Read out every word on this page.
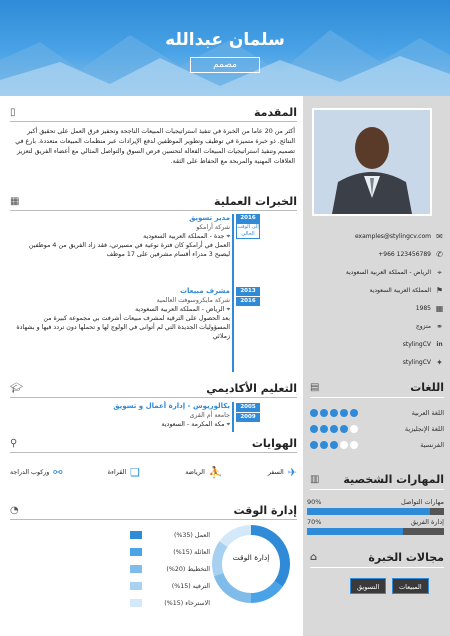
سلمان عبدالله
مصمم
examples@stylingcv.com ✉
+966 123456789 ✆
الرياض - المملكة العربية السعودية ⌖
المملكة العربية السعودية ⚑
1985 ▦
متزوج ⚭
stylingCV in
stylingCV ✦
اللغات
▤
اللغة العربية
اللغة الإنجليزية
الفرنسية
المهارات الشخصية
▥
مهارات التواصل
90%
إدارة الفريق
70%
مجالات الخبرة
⌂
المبيعات
التسويق
المقدمة
▯
أكثر من 20 عاما من الخبرة في تنفيذ استراتيجيات المبيعات الناجحة وتحفيز فرق العمل على تحقيق أكبر النتائج. ذو خبرة متميزة في توظيف وتطوير الموظفين لدفع الإيرادات عبر منظمات المبيعات متعددة. بارع في تصميم وتنفيذ استراتيجيات المبيعات الفعالة لتحسين فرص السوق والتواصل المثالي مع أعضاء الفريق لتعزيز العلاقات المهنية والمربحة مع الحفاظ على الثقة.
الخبرات العملية
▦
2016
إلى الوقت الحالي
مدير تسويق
شركة أرامكو
⌖ جدة - المملكة العربية السعودية
العمل في أرامكو كان فترة نوعية في مسيرتي، فقد زاد الفريق من 4 موظفين ليصبح 3 مدراء أقسام مشرفين على 17 موظف
2013
2016
مشرف مبيعات
شركة مايكروسوفت العالمية
⌖ الرياض - المملكة العربية السعودية
بعد الحصول على الترقية لمشرف مبيعات أشرفت بي مجموعة كبيرة من المسؤوليات الجديدة التي لم أتوانى في الولوج لها و تحملها دون تردد فيها و بشهادة زملائي
التعليم الأكاديمي
🎓︎
2005
2009
بكالوريوس - إدارة أعمال و تسويق
جامعة أم القرى
⌖ مكة المكرمة - السعودية
الهوايات
⚲
✈
السفر
⛹
الرياضة
❏
القراءة
⚯
وركوب الدراجة
إدارة الوقت
◔
العمل (35%)
العائلة (15%)
التخطيط (20%)
الترفيه (15%)
الاسترخاء (15%)
إدارة الوقت
